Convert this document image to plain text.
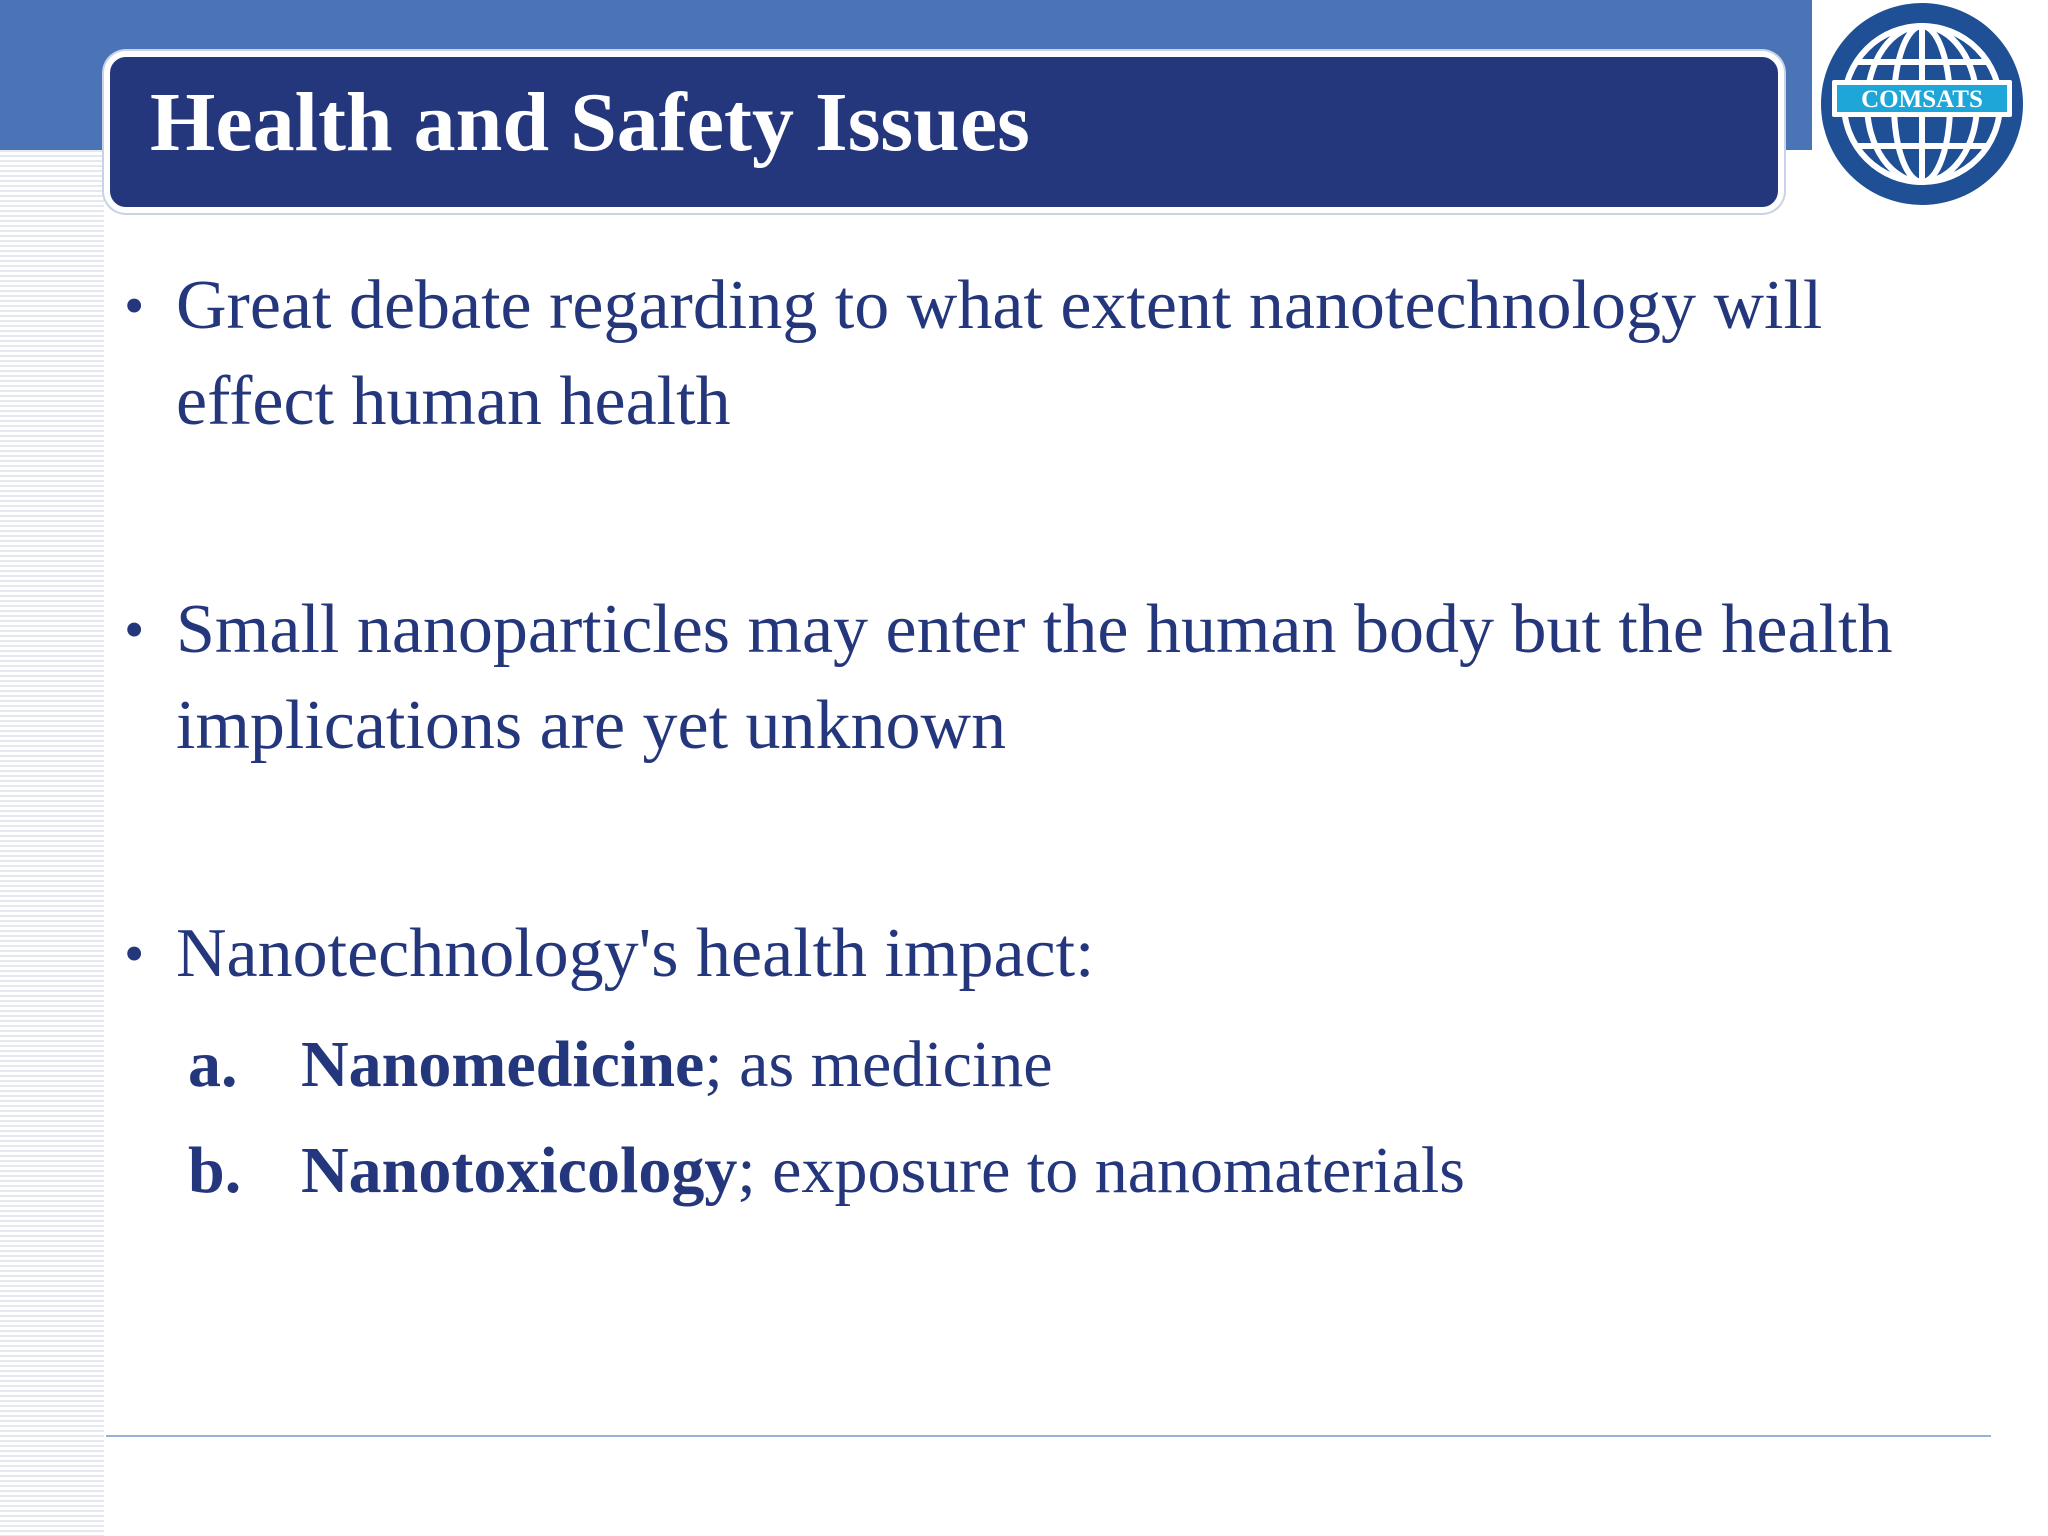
Health and Safety Issues	COMSATS

• Great debate regarding to what extent nanotechnology will effect human health

• Small nanoparticles may enter the human body but the health implications are yet unknown

• Nanotechnology's health impact:

a. Nanomedicine; as medicine

b. Nanotoxicology; exposure to nanomaterials
